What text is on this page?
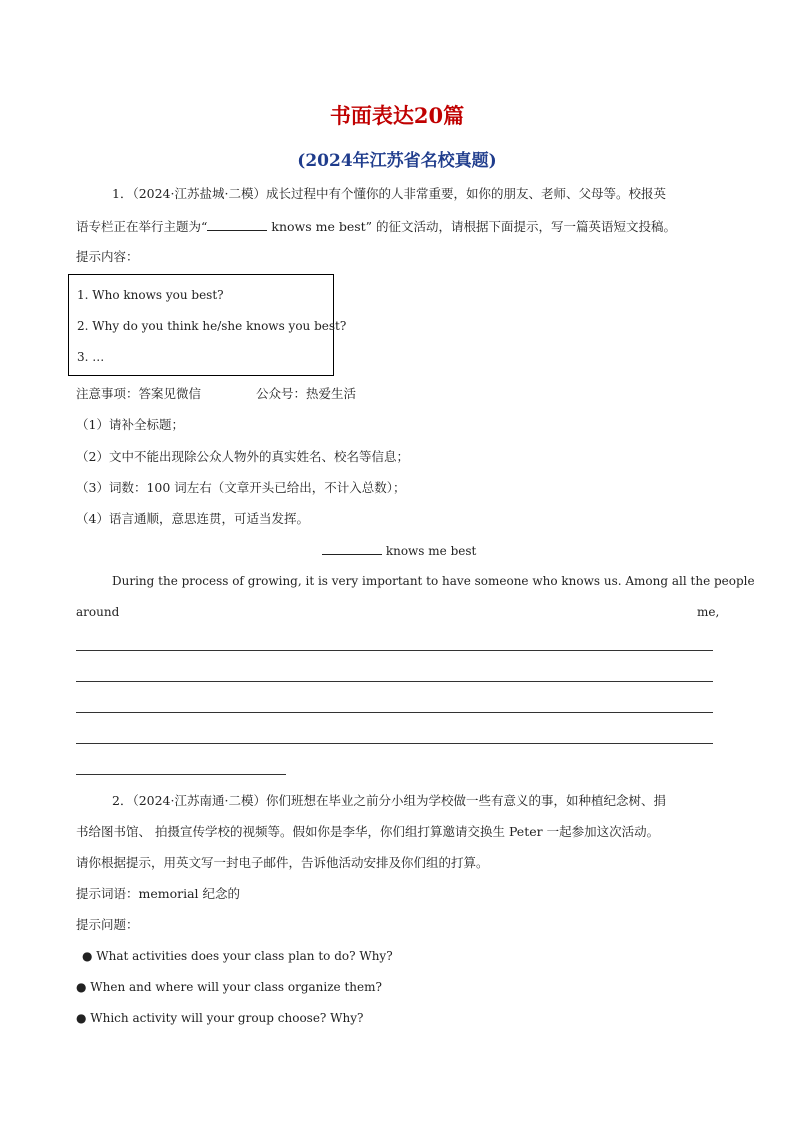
书面表达20篇
(2024年江苏省名校真题)
1．（2024·江苏盐城·二模）成长过程中有个懂你的人非常重要，如你的朋友、老师、父母等。校报英
语专栏正在举行主题为“	knows me best” 的征文活动，请根据下面提示，写一篇英语短文投稿。
提示内容：
1. Who knows you best?
2. Why do you think he/she knows you best?
3. …
注意事项：答案见微信	公众号：热爱生活
（1）请补全标题；
（2）文中不能出现除公众人物外的真实姓名、校名等信息；
（3）词数：100 词左右（文章开头已给出，不计入总数）；
（4）语言通顺，意思连贯，可适当发挥。
knows me best
During the process of growing, it is very important to have someone who knows us. Among all the people
around	me,
2．（2024·江苏南通·二模）你们班想在毕业之前分小组为学校做一些有意义的事，如种植纪念树、捐
书给图书馆、 拍摄宣传学校的视频等。假如你是李华，你们组打算邀请交换生 Peter 一起参加这次活动。
请你根据提示，用英文写一封电子邮件，告诉他活动安排及你们组的打算。
提示词语：memorial 纪念的
提示问题：
● What activities does your class plan to do? Why?
● When and where will your class organize them?
● Which activity will your group choose? Why?
